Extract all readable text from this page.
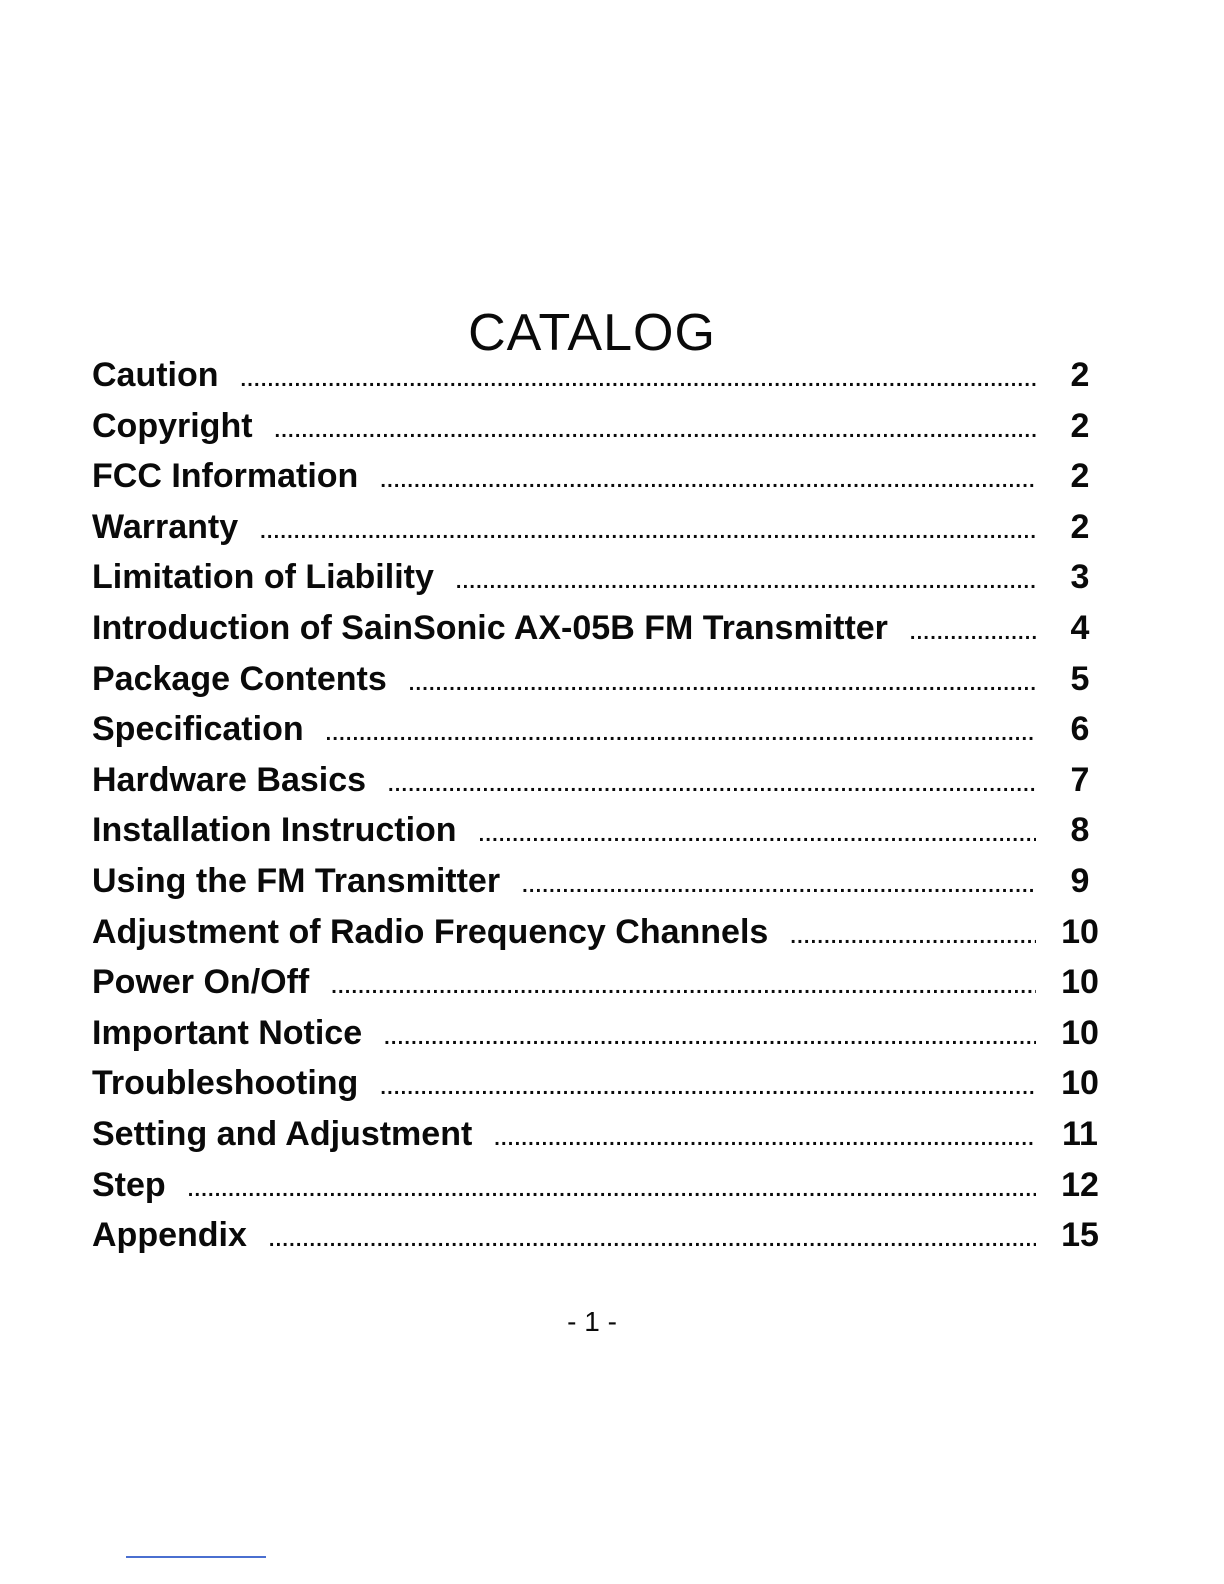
CATALOG
Caution .....	2
Copyright .....	2
FCC Information .....	2
Warranty .....	2
Limitation of Liability .....	3
Introduction of SainSonic AX-05B FM Transmitter .....	4
Package Contents .....	5
Specification .....	6
Hardware Basics .....	7
Installation Instruction .....	8
Using the FM Transmitter .....	9
Adjustment of Radio Frequency Channels .....	10
Power On/Off .....	10
Important Notice .....	10
Troubleshooting .....	10
Setting and Adjustment .....	11
Step .....	12
Appendix .....	15
- 1 -
